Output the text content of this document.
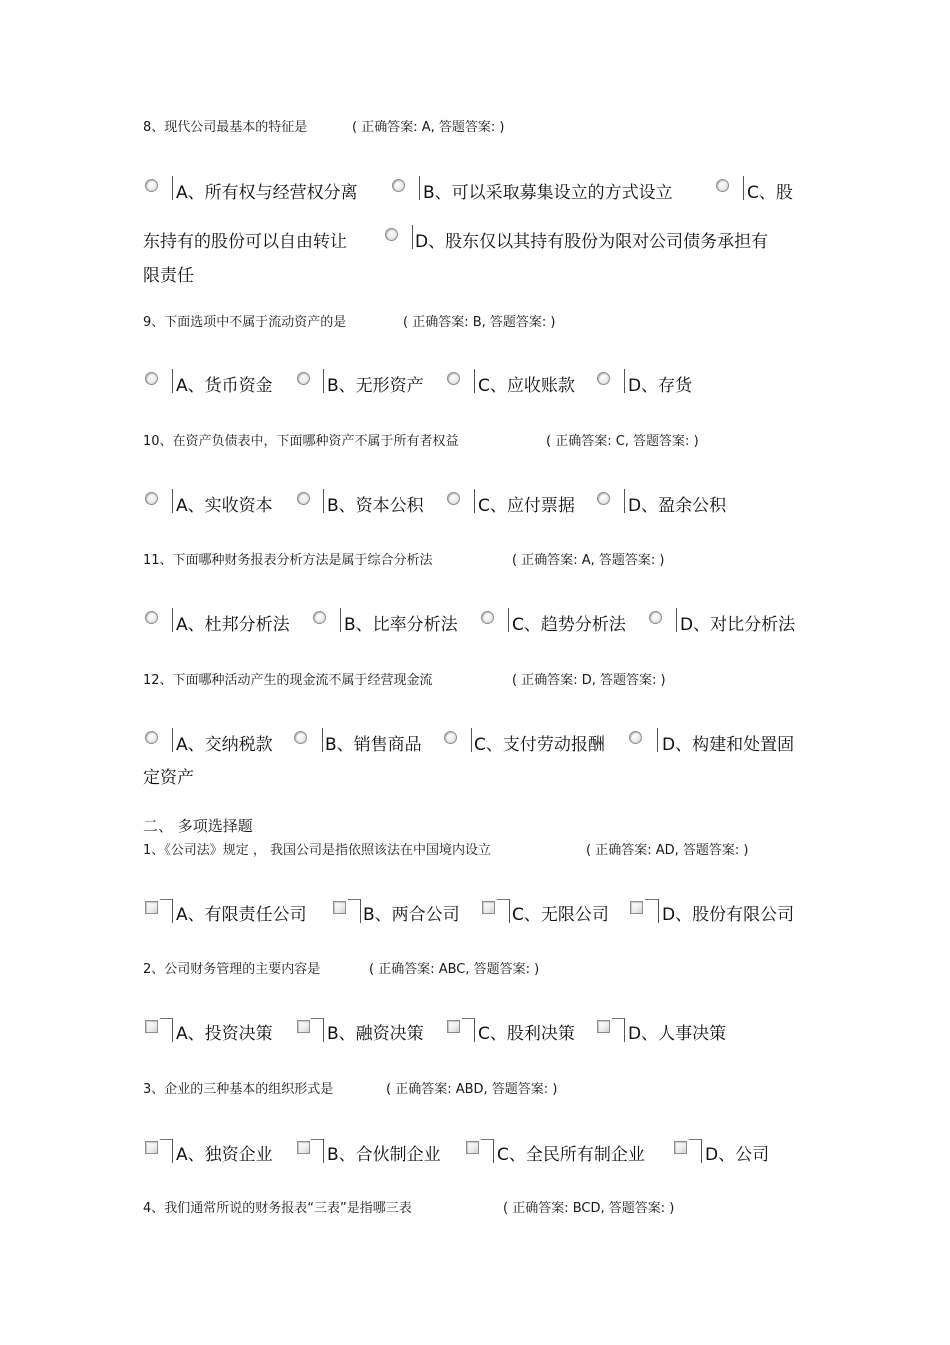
8、现代公司最基本的特征是	( 正确答案: A, 答题答案: )
A、所有权与经营权分离	B、可以采取募集设立的方式设立	C、股
东持有的股份可以自由转让	D、股东仅以其持有股份为限对公司债务承担有
限责任
9、下面选项中不属于流动资产的是	( 正确答案: B, 答题答案: )
A、货币资金	B、无形资产	C、应收账款	D、存货
10、在资产负债表中，下面哪种资产不属于所有者权益	( 正确答案: C, 答题答案: )
A、实收资本	B、资本公积	C、应付票据	D、盈余公积
11、下面哪种财务报表分析方法是属于综合分析法	( 正确答案: A, 答题答案: )
A、杜邦分析法	B、比率分析法	C、趋势分析法	D、对比分析法
12、下面哪种活动产生的现金流不属于经营现金流	( 正确答案: D, 答题答案: )
A、交纳税款	B、销售商品	C、支付劳动报酬	D、构建和处置固
定资产
二、 多项选择题
1、《公司法》规定 ， 我国公司是指依照该法在中国境内设立	( 正确答案: AD, 答题答案: )
A、有限责任公司	B、两合公司	C、无限公司	D、股份有限公司
2、公司财务管理的主要内容是	( 正确答案: ABC, 答题答案: )
A、投资决策	B、融资决策	C、股利决策	D、人事决策
3、企业的三种基本的组织形式是	( 正确答案: ABD, 答题答案: )
A、独资企业	B、合伙制企业	C、全民所有制企业	D、公司
4、我们通常所说的财务报表“三表”是指哪三表	( 正确答案: BCD, 答题答案: )
